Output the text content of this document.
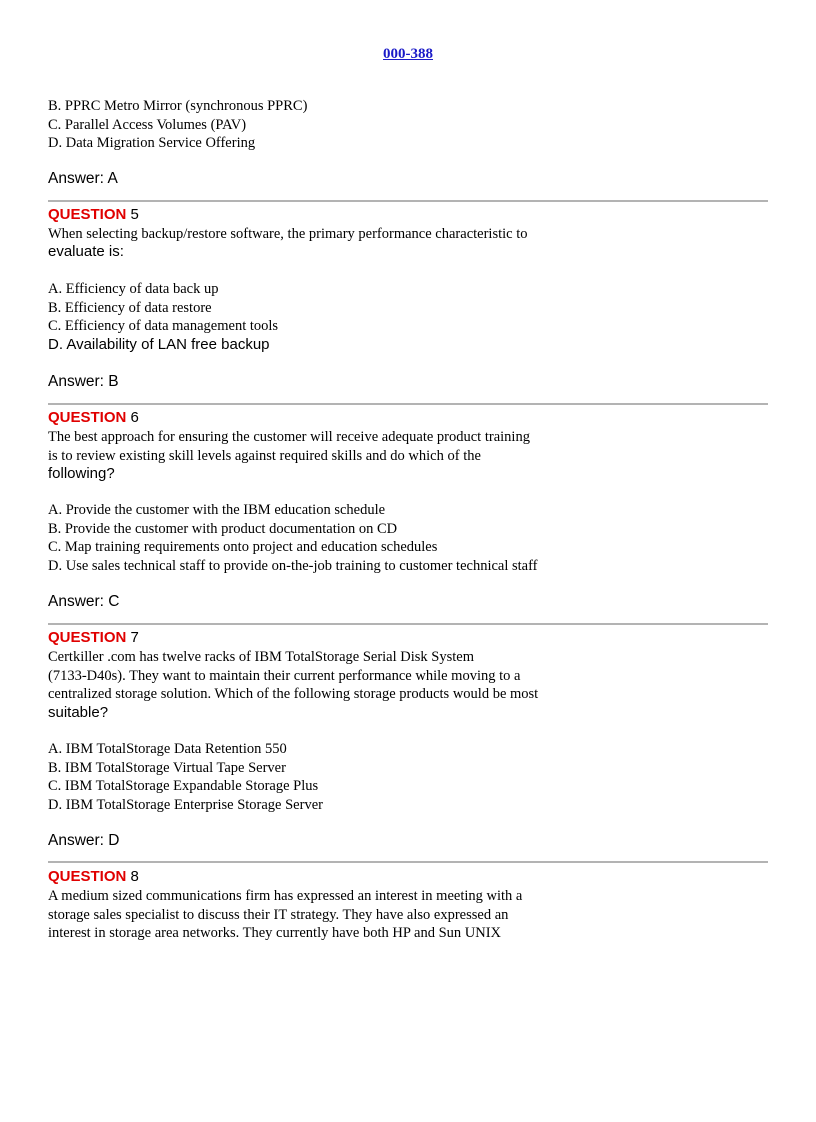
000-388
B. PPRC Metro Mirror (synchronous PPRC)
C. Parallel Access Volumes (PAV)
D. Data Migration Service Offering
Answer: A
QUESTION 5
When selecting backup/restore software, the primary performance characteristic to
evaluate is:
A. Efficiency of data back up
B. Efficiency of data restore
C. Efficiency of data management tools
D. Availability of LAN free backup
Answer: B
QUESTION 6
The best approach for ensuring the customer will receive adequate product training
is to review existing skill levels against required skills and do which of the
following?
A. Provide the customer with the IBM education schedule
B. Provide the customer with product documentation on CD
C. Map training requirements onto project and education schedules
D. Use sales technical staff to provide on-the-job training to customer technical staff
Answer: C
QUESTION 7
Certkiller .com has twelve racks of IBM TotalStorage Serial Disk System
(7133-D40s). They want to maintain their current performance while moving to a
centralized storage solution. Which of the following storage products would be most
suitable?
A. IBM TotalStorage Data Retention 550
B. IBM TotalStorage Virtual Tape Server
C. IBM TotalStorage Expandable Storage Plus
D. IBM TotalStorage Enterprise Storage Server
Answer: D
QUESTION 8
A medium sized communications firm has expressed an interest in meeting with a
storage sales specialist to discuss their IT strategy. They have also expressed an
interest in storage area networks. They currently have both HP and Sun UNIX
